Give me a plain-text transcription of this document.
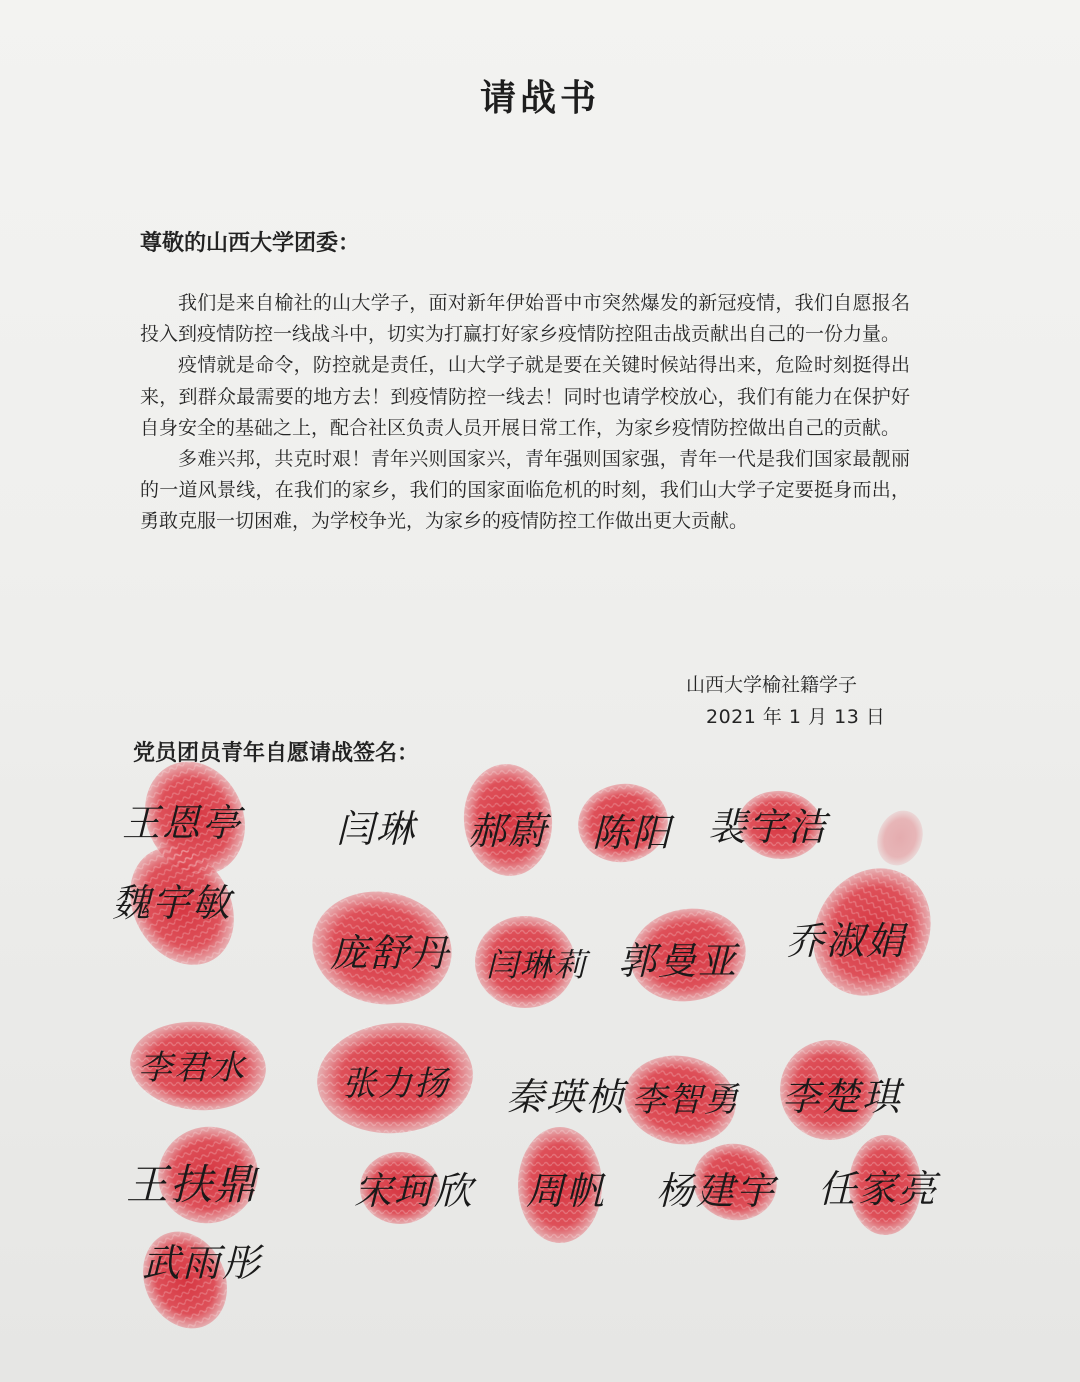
请战书
尊敬的山西大学团委：

我们是来自榆社的山大学子，面对新年伊始晋中市突然爆发的新冠疫情，我们自愿报名投入到疫情防控一线战斗中，切实为打赢打好家乡疫情防控阻击战贡献出自己的一份力量。

疫情就是命令，防控就是责任，山大学子就是要在关键时候站得出来，危险时刻挺得出来，到群众最需要的地方去！到疫情防控一线去！同时也请学校放心，我们有能力在保护好自身安全的基础之上，配合社区负责人员开展日常工作，为家乡疫情防控做出自己的贡献。

多难兴邦，共克时艰！青年兴则国家兴，青年强则国家强，青年一代是我们国家最靓丽的一道风景线，在我们的家乡，我们的国家面临危机的时刻，我们山大学子定要挺身而出，勇敢克服一切困难，为学校争光，为家乡的疫情防控工作做出更大贡献。

山西大学榆社籍学子
2021 年 1 月 13 日
党员团员青年自愿请战签名：
王恩亭 闫琳 郝蔚 陈阳 裴宇洁
魏宇敏
庞舒丹 闫琳莉 郭曼亚 乔淑娟
李君水	张力扬 秦瑛桢 李智勇 李楚琪
王扶鼎	宋珂欣 周帆 杨建宇 任家亮
武雨彤
